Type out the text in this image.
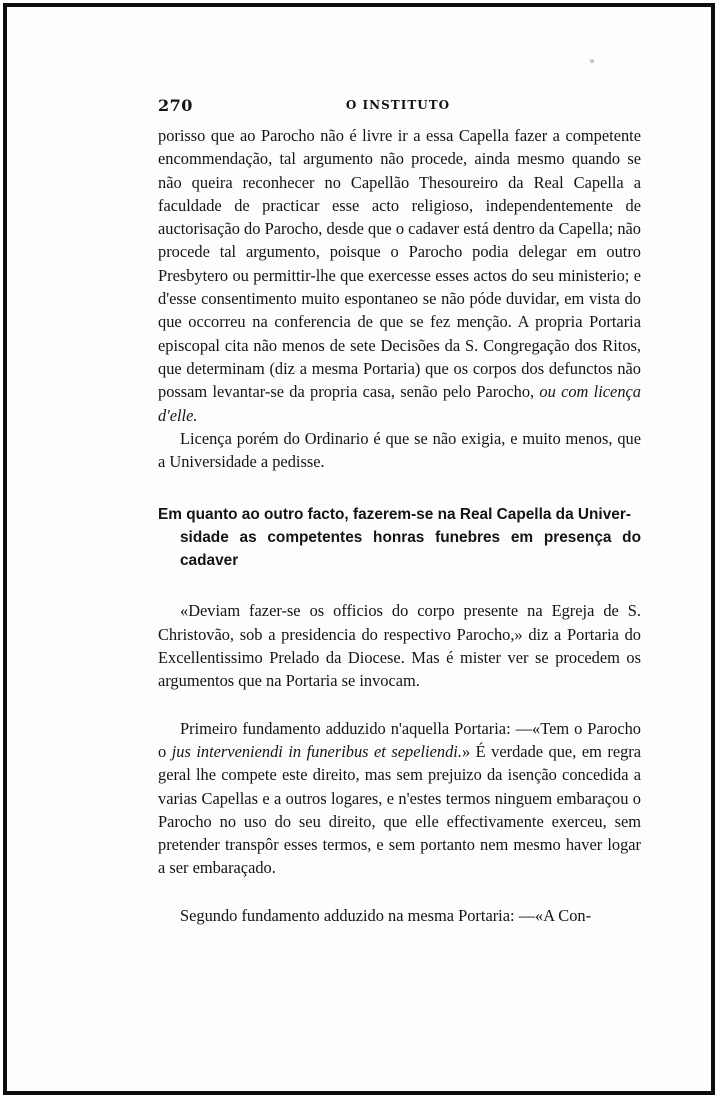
ᵘ
270	O INSTITUTO

porisso que ao Parocho não é livre ir a essa Capella fazer a competente encommendação, tal argumento não procede, ainda mesmo quando se não queira reconhecer no Capellão Thesoureiro da Real Capella a faculdade de practicar esse acto religioso, independentemente de auctorisação do Parocho, desde que o cadaver está dentro da Capella; não procede tal argumento, poisque o Parocho podia delegar em outro Presbytero ou permittir-lhe que exercesse esses actos do seu ministerio; e d'esse consentimento muito espontaneo se não póde duvidar, em vista do que occorreu na conferencia de que se fez menção. A propria Portaria episcopal cita não menos de sete Decisões da S. Congregação dos Ritos, que determinam (diz a mesma Portaria) que os corpos dos defunctos não possam levantar-se da propria casa, senão pelo Parocho, ou com licença d'elle.

Licença porém do Ordinario é que se não exigia, e muito menos, que a Universidade a pedisse.

Em quanto ao outro facto, fazerem-se na Real Capella da Univer-
sidade as competentes honras funebres em presença do cadaver

«Deviam fazer-se os officios do corpo presente na Egreja de S. Christovão, sob a presidencia do respectivo Parocho,» diz a Portaria do Excellentissimo Prelado da Diocese. Mas é mister ver se procedem os argumentos que na Portaria se invocam.

Primeiro fundamento adduzido n'aquella Portaria: —«Tem o Parocho o jus interveniendi in funeribus et sepeliendi.» É verdade que, em regra geral lhe compete este direito, mas sem prejuizo da isenção concedida a varias Capellas e a outros logares, e n'estes termos ninguem embaraçou o Parocho no uso do seu direito, que elle effectivamente exerceu, sem pretender transpôr esses termos, e sem portanto nem mesmo haver logar a ser embaraçado.

Segundo fundamento adduzido na mesma Portaria: —«A Con-
